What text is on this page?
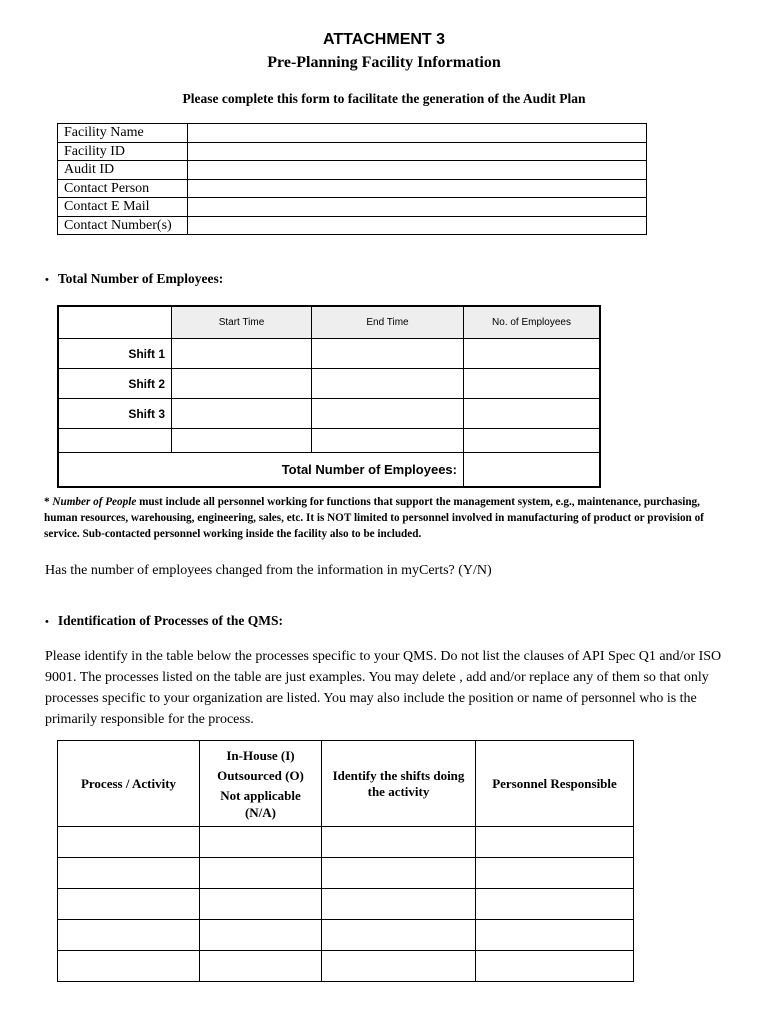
ATTACHMENT 3
Pre-Planning Facility Information
Please complete this form to facilitate the generation of the Audit Plan
Facility Name	
Facility ID	
Audit ID	
Contact Person	
Contact E Mail	
Contact Number(s)	
• Total Number of Employees:
	Start Time	End Time	No. of Employees
Shift 1			
Shift 2			
Shift 3			

Total Number of Employees:			
* Number of People must include all personnel working for functions that support the management system, e.g., maintenance, purchasing, human resources, warehousing, engineering, sales, etc. It is NOT limited to personnel involved in manufacturing of product or provision of service. Sub-contacted personnel working inside the facility also to be included.
Has the number of employees changed from the information in myCerts? (Y/N)
• Identification of Processes of the QMS:
Please identify in the table below the processes specific to your QMS. Do not list the clauses of API Spec Q1 and/or ISO 9001. The processes listed on the table are just examples. You may delete , add and/or replace any of them so that only processes specific to your organization are listed. You may also include the position or name of personnel who is the primarily responsible for the process.
Process / Activity	In-House (I)
Outsourced (O)
Not applicable (N/A)	Identify the shifts doing the activity	Personnel Responsible
